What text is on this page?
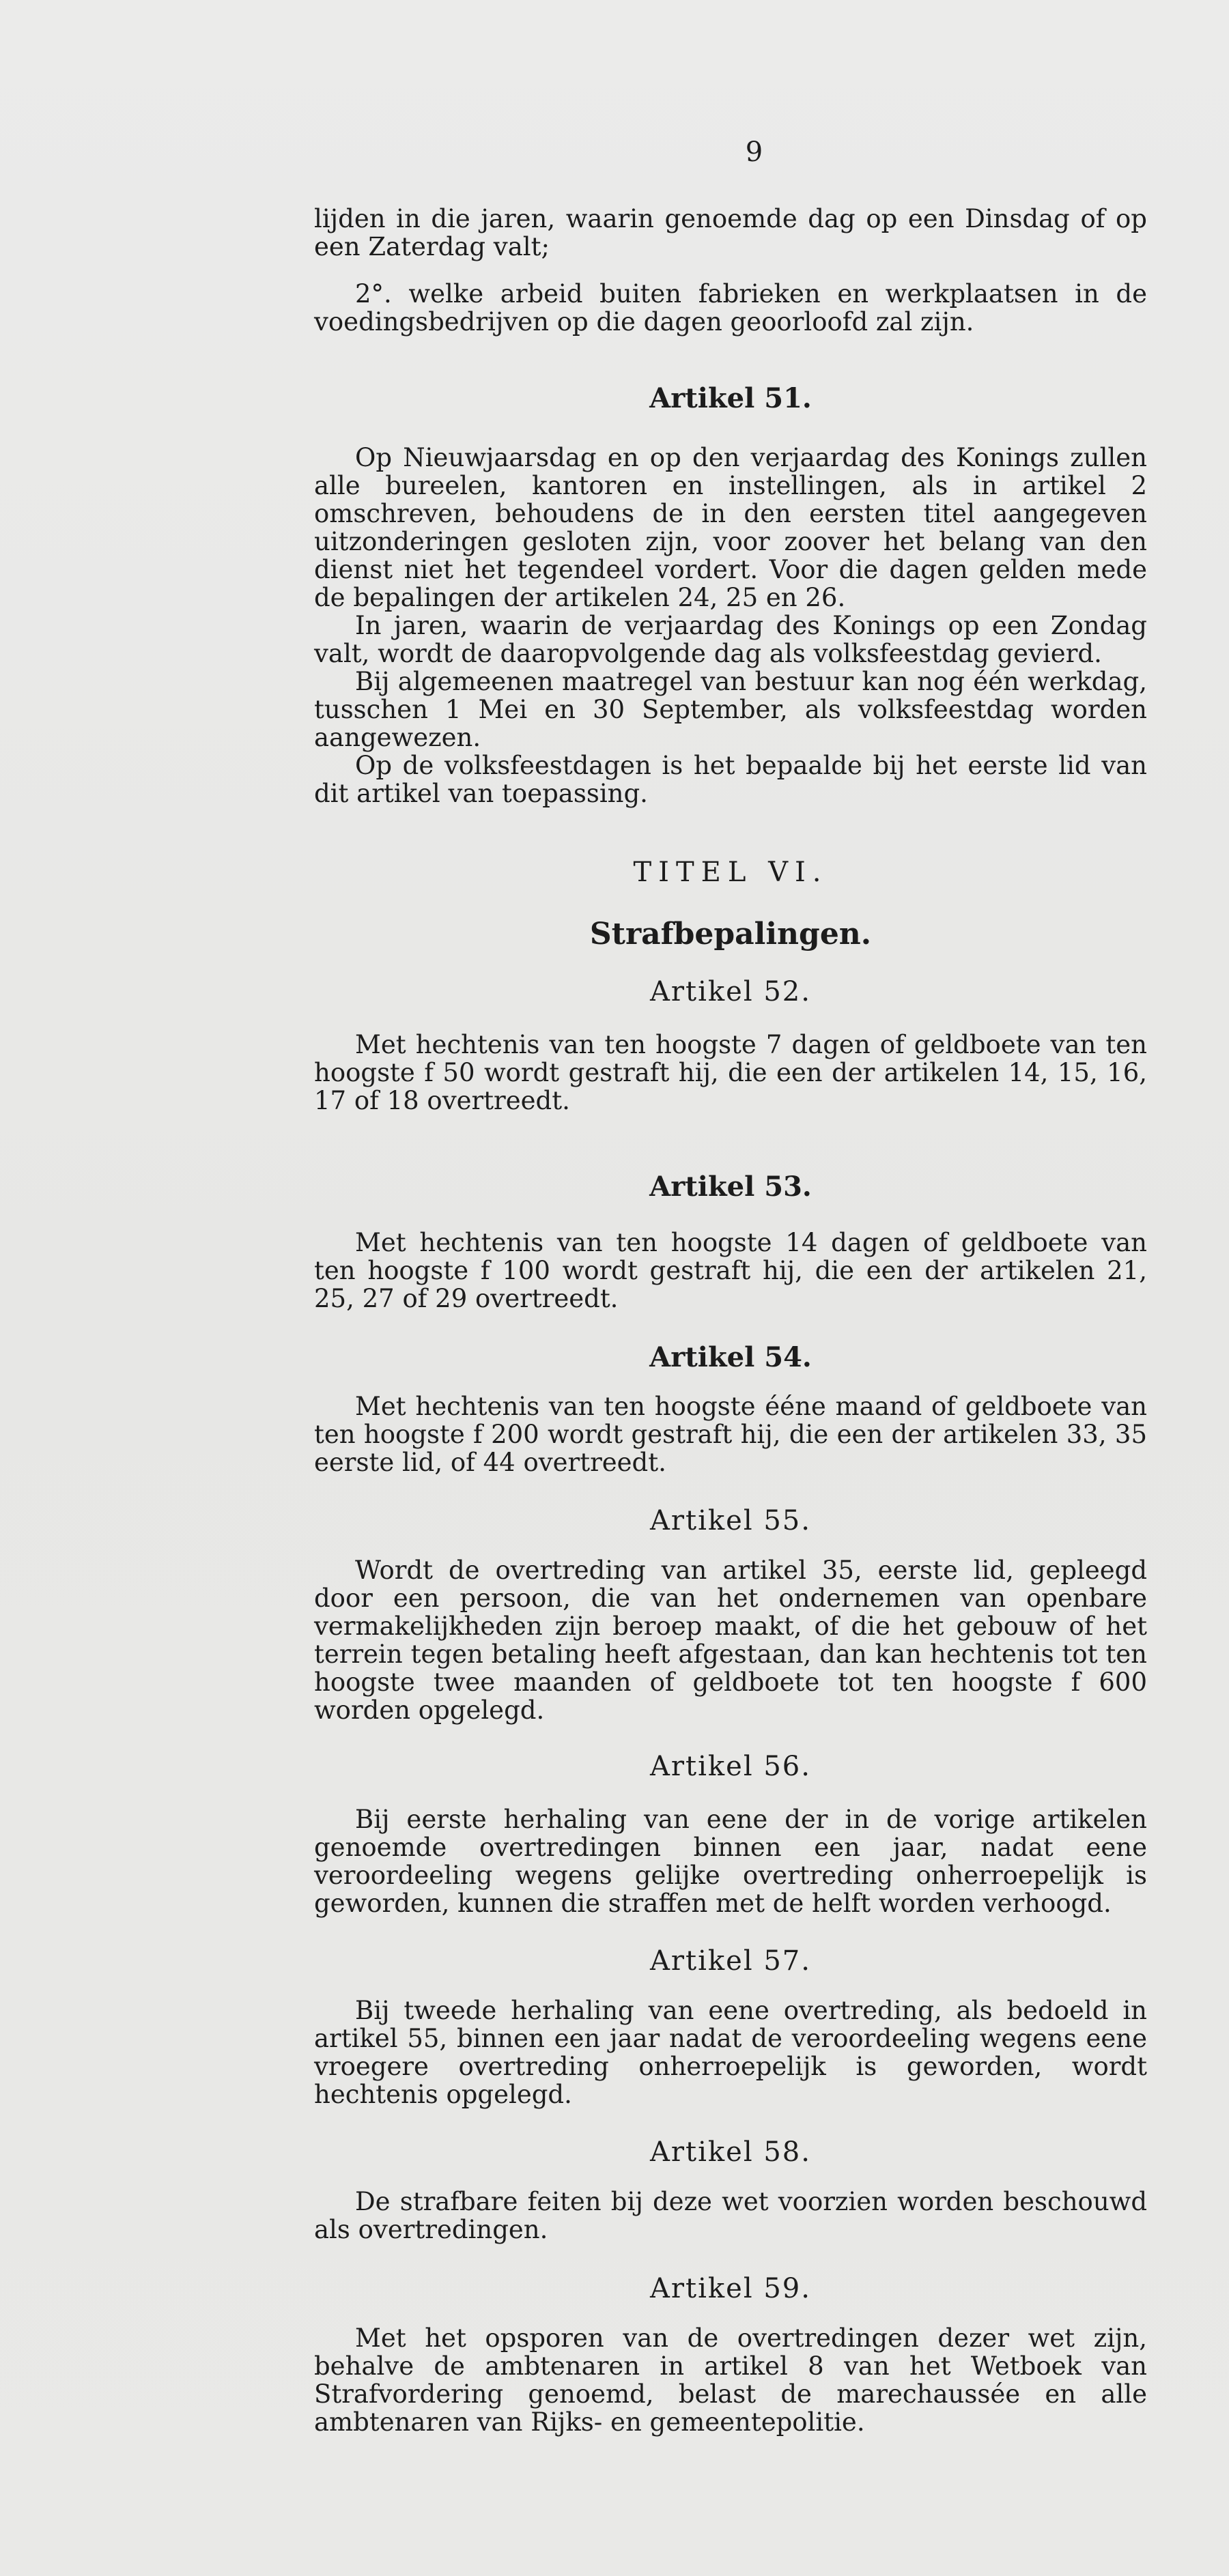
9

lijden in die jaren, waarin genoemde dag op een Dinsdag of op een Zaterdag valt;

2°. welke arbeid buiten fabrieken en werkplaatsen in de voedingsbedrijven op die dagen geoorloofd zal zijn.

Artikel 51.

Op Nieuwjaarsdag en op den verjaardag des Konings zullen alle bureelen, kantoren en instellingen, als in artikel 2 omschreven, behoudens de in den eersten titel aangegeven uitzonderingen gesloten zijn, voor zoover het belang van den dienst niet het tegendeel vordert. Voor die dagen gelden mede de bepalingen der artikelen 24, 25 en 26.

In jaren, waarin de verjaardag des Konings op een Zondag valt, wordt de daaropvolgende dag als volksfeestdag gevierd.

Bij algemeenen maatregel van bestuur kan nog één werkdag, tusschen 1 Mei en 30 September, als volksfeestdag worden aangewezen.

Op de volksfeestdagen is het bepaalde bij het eerste lid van dit artikel van toepassing.

TITEL VI.
Strafbepalingen.
Artikel 52.

Met hechtenis van ten hoogste 7 dagen of geldboete van ten hoogste f 50 wordt gestraft hij, die een der artikelen 14, 15, 16, 17 of 18 overtreedt.

Artikel 53.

Met hechtenis van ten hoogste 14 dagen of geldboete van ten hoogste f 100 wordt gestraft hij, die een der artikelen 21, 25, 27 of 29 overtreedt.

Artikel 54.

Met hechtenis van ten hoogste ééne maand of geldboete van ten hoogste f 200 wordt gestraft hij, die een der artikelen 33, 35 eerste lid, of 44 overtreedt.

Artikel 55.

Wordt de overtreding van artikel 35, eerste lid, gepleegd door een persoon, die van het ondernemen van openbare vermakelijkheden zijn beroep maakt, of die het gebouw of het terrein tegen betaling heeft afgestaan, dan kan hechtenis tot ten hoogste twee maanden of geldboete tot ten hoogste f 600 worden opgelegd.

Artikel 56.

Bij eerste herhaling van eene der in de vorige artikelen genoemde overtredingen binnen een jaar, nadat eene veroordeeling wegens gelijke overtreding onherroepelijk is geworden, kunnen die straffen met de helft worden verhoogd.

Artikel 57.

Bij tweede herhaling van eene overtreding, als bedoeld in artikel 55, binnen een jaar nadat de veroordeeling wegens eene vroegere overtreding onherroepelijk is geworden, wordt hechtenis opgelegd.

Artikel 58.

De strafbare feiten bij deze wet voorzien worden beschouwd als overtredingen.

Artikel 59.

Met het opsporen van de overtredingen dezer wet zijn, behalve de ambtenaren in artikel 8 van het Wetboek van Strafvordering genoemd, belast de marechaussée en alle ambtenaren van Rijks- en gemeentepolitie.
